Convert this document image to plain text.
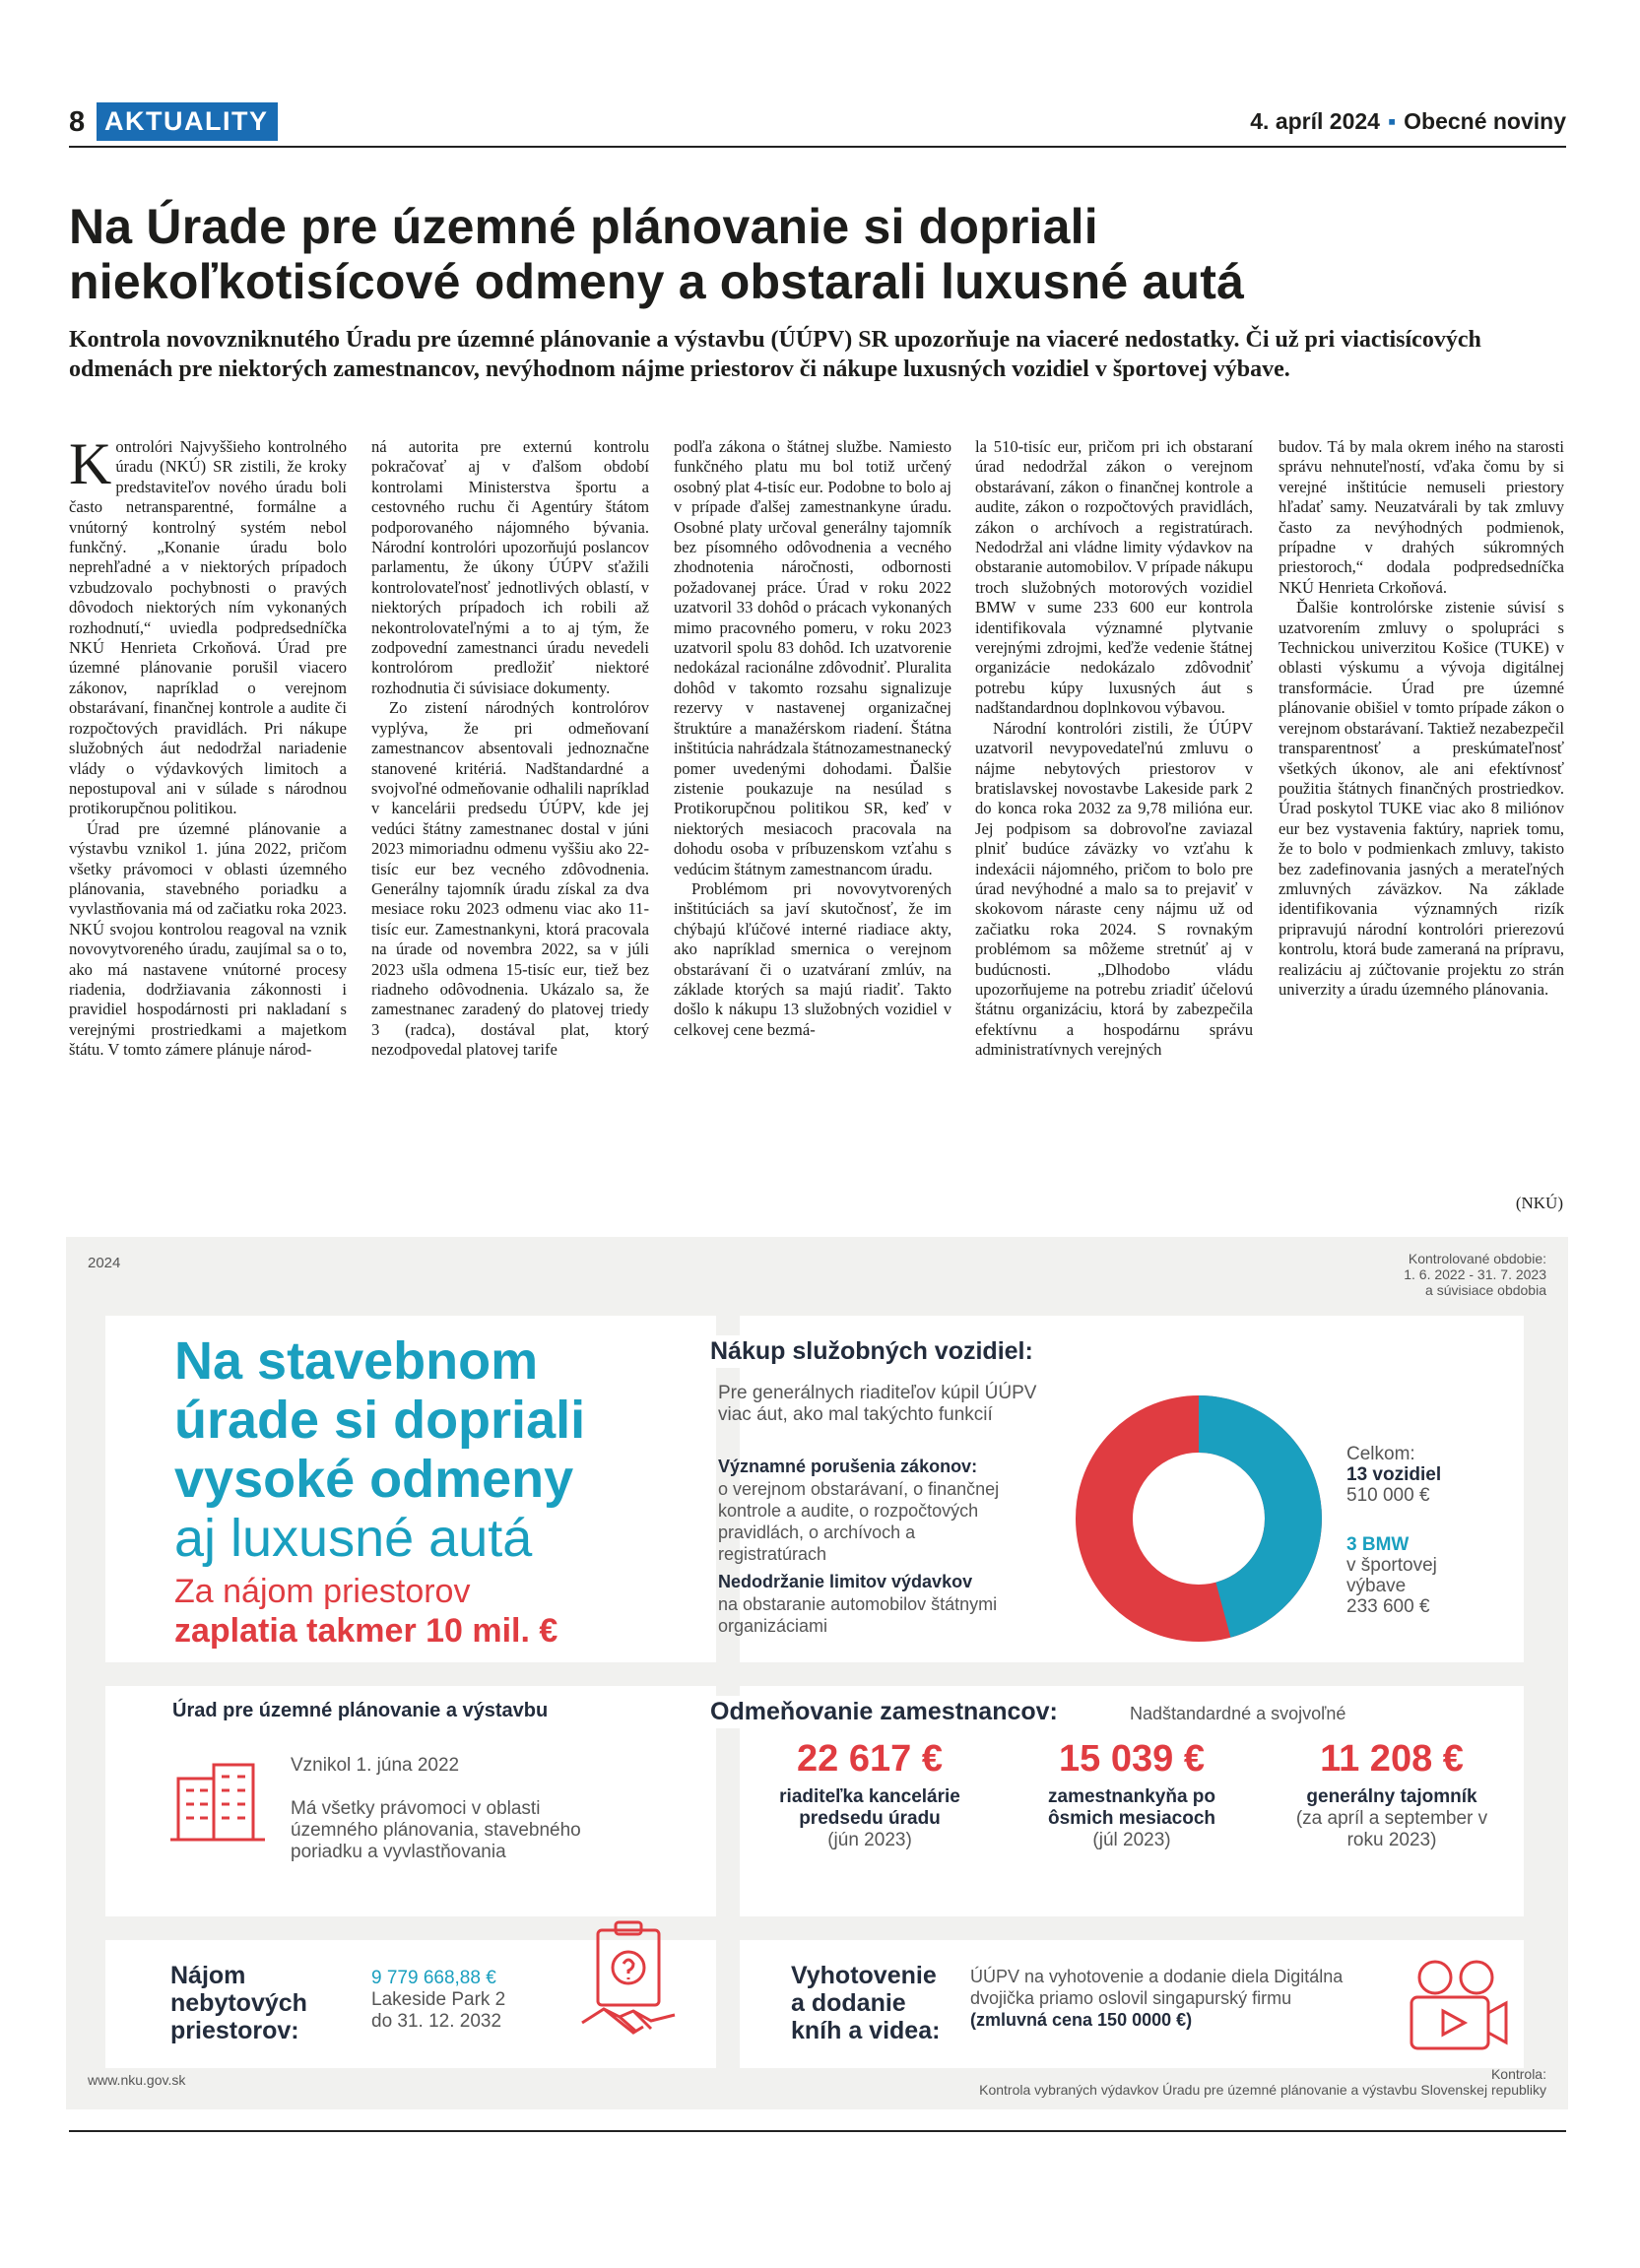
8 AKTUALITY	4. apríl 2024 ▪ Obecné noviny
Na Úrade pre územné plánovanie si dopriali
niekoľkotisícové odmeny a obstarali luxusné autá
Kontrola novovzniknutého Úradu pre územné plánovanie a výstavbu (ÚÚPV) SR upozorňuje na viaceré nedostatky. Či už pri viactisícových odmenách pre niektorých zamestnancov, nevýhodnom nájme priestorov či nákupe luxusných vozidiel v športovej výbave.

Kontrolóri Najvyššieho kontrolného úradu (NKÚ) SR zistili, že kroky predstaviteľov nového úradu boli často netransparentné, formálne a vnútorný kontrolný systém nebol funkčný. „Konanie úradu bolo neprehľadné a v niektorých prípadoch vzbudzovalo pochybnosti o pravých dôvodoch niektorých ním vykonaných rozhodnutí,“ uviedla podpredsedníčka NKÚ Henrieta Crkoňová. Úrad pre územné plánovanie porušil viacero zákonov, napríklad o verejnom obstarávaní, finančnej kontrole a audite či rozpočtových pravidlách. Pri nákupe služobných áut nedodržal nariadenie vlády o výdavkových limitoch a nepostupoval ani v súlade s národnou protikorupčnou politikou.

Úrad pre územné plánovanie a výstavbu vznikol 1. júna 2022, pričom všetky právomoci v oblasti územného plánovania, stavebného poriadku a vyvlastňovania má od začiatku roka 2023. NKÚ svojou kontrolou reagoval na vznik novovytvoreného úradu, zaujímal sa o to, ako má nastavene vnútorné procesy riadenia, dodržiavania zákonnosti i pravidiel hospodárnosti pri nakladaní s verejnými prostriedkami a majetkom štátu. V tomto zámere plánuje národ-

ná autorita pre externú kontrolu pokračovať aj v ďalšom období kontrolami Ministerstva športu a cestovného ruchu či Agentúry štátom podporovaného nájomného bývania. Národní kontrolóri upozorňujú poslancov parlamentu, že úkony ÚÚPV sťažili kontrolovateľnosť jednotlivých oblastí, v niektorých prípadoch ich robili až nekontrolovateľnými a to aj tým, že zodpovední zamestnanci úradu nevedeli kontrolórom predložiť niektoré rozhodnutia či súvisiace dokumenty.

Zo zistení národných kontrolórov vyplýva, že pri odmeňovaní zamestnancov absentovali jednoznačne stanovené kritériá. Nadštandardné a svojvoľné odmeňovanie odhalili napríklad v kancelárii predsedu ÚÚPV, kde jej vedúci štátny zamestnanec dostal v júni 2023 mimoriadnu odmenu vyššiu ako 22-tisíc eur bez vecného zdôvodnenia. Generálny tajomník úradu získal za dva mesiace roku 2023 odmenu viac ako 11-tisíc eur. Zamestnankyni, ktorá pracovala na úrade od novembra 2022, sa v júli 2023 ušla odmena 15-tisíc eur, tiež bez riadneho odôvodnenia. Ukázalo sa, že zamestnanec zaradený do platovej triedy 3 (radca), dostával plat, ktorý nezodpovedal platovej tarife

podľa zákona o štátnej službe. Namiesto funkčného platu mu bol totiž určený osobný plat 4-tisíc eur. Podobne to bolo aj v prípade ďalšej zamestnankyne úradu. Osobné platy určoval generálny tajomník bez písomného odôvodnenia a vecného zhodnotenia náročnosti, odbornosti požadovanej práce. Úrad v roku 2022 uzatvoril 33 dohôd o prácach vykonaných mimo pracovného pomeru, v roku 2023 uzatvoril spolu 83 dohôd. Ich uzatvorenie nedokázal racionálne zdôvodniť. Pluralita dohôd v takomto rozsahu signalizuje rezervy v nastavenej organizačnej štruktúre a manažérskom riadení. Štátna inštitúcia nahrádzala štátnozamestnanecký pomer uvedenými dohodami. Ďalšie zistenie poukazuje na nesúlad s Protikorupčnou politikou SR, keď v niektorých mesiacoch pracovala na dohodu osoba v príbuzenskom vzťahu s vedúcim štátnym zamestnancom úradu.

Problémom pri novovytvorených inštitúciách sa javí skutočnosť, že im chýbajú kľúčové interné riadiace akty, ako napríklad smernica o verejnom obstarávaní či o uzatváraní zmlúv, na základe ktorých sa majú riadiť. Takto došlo k nákupu 13 služobných vozidiel v celkovej cene bezmá-

la 510-tisíc eur, pričom pri ich obstaraní úrad nedodržal zákon o verejnom obstarávaní, zákon o finančnej kontrole a audite, zákon o rozpočtových pravidlách, zákon o archívoch a registratúrach. Nedodržal ani vládne limity výdavkov na obstaranie automobilov. V prípade nákupu troch služobných motorových vozidiel BMW v sume 233 600 eur kontrola identifikovala významné plytvanie verejnými zdrojmi, keďže vedenie štátnej organizácie nedokázalo zdôvodniť potrebu kúpy luxusných áut s nadštandardnou doplnkovou výbavou.

Národní kontrolóri zistili, že ÚÚPV uzatvoril nevypovedateľnú zmluvu o nájme nebytových priestorov v bratislavskej novostavbe Lakeside park 2 do konca roka 2032 za 9,78 milióna eur. Jej podpisom sa dobrovoľne zaviazal plniť budúce záväzky vo vzťahu k indexácii nájomného, pričom to bolo pre úrad nevýhodné a malo sa to prejaviť v skokovom náraste ceny nájmu už od začiatku roka 2024. S rovnakým problémom sa môžeme stretnúť aj v budúcnosti. „Dlhodobo vládu upozorňujeme na potrebu zriadiť účelovú štátnu organizáciu, ktorá by zabezpečila efektívnu a hospodárnu správu administratívnych verejných

budov. Tá by mala okrem iného na starosti správu nehnuteľností, vďaka čomu by si verejné inštitúcie nemuseli priestory hľadať samy. Neuzatvárali by tak zmluvy často za nevýhodných podmienok, prípadne v drahých súkromných priestoroch,“ dodala podpredsedníčka NKÚ Henrieta Crkoňová.

Ďalšie kontrolórske zistenie súvisí s uzatvorením zmluvy o spolupráci s Technickou univerzitou Košice (TUKE) v oblasti výskumu a vývoja digitálnej transformácie. Úrad pre územné plánovanie obišiel v tomto prípade zákon o verejnom obstarávaní. Taktiež nezabezpečil transparentnosť a preskúmateľnosť všetkých úkonov, ale ani efektívnosť použitia štátnych finančných prostriedkov. Úrad poskytol TUKE viac ako 8 miliónov eur bez vystavenia faktúry, napriek tomu, že to bolo v podmienkach zmluvy, takisto bez zadefinovania jasných a merateľných zmluvných záväzkov. Na základe identifikovania významných rizík pripravujú národní kontrolóri prierezovú kontrolu, ktorá bude zameraná na prípravu, realizáciu aj zúčtovanie projektu zo strán univerzity a úradu územného plánovania.

(NKÚ)
2024	Kontrolované obdobie:
1. 6. 2022 - 31. 7. 2023
a súvisiace obdobia
Na stavebnom
úrade si dopriali
vysoké odmeny
aj luxusné autá
Za nájom priestorov
zaplatia takmer 10 mil. €
Nákup služobných vozidiel:
Pre generálnych riaditeľov kúpil ÚÚPV viac áut, ako mal takýchto funkcií
Významné porušenia zákonov:
o verejnom obstarávaní, o finančnej kontrole a audite, o rozpočtových pravidlách, o archívoch a registratúrach
Nedodržanie limitov výdavkov
na obstaranie automobilov štátnymi organizáciami
Celkom:
13 vozidiel
510 000 €
3 BMW
v športovej
výbave
233 600 €
Úrad pre územné plánovanie a výstavbu
Vznikol 1. júna 2022
Má všetky právomoci v oblasti územného plánovania, stavebného poriadku a vyvlastňovania
Odmeňovanie zamestnancov:	Nadštandardné a svojvoľné
22 617 €
riaditeľka kancelárie predsedu úradu
(jún 2023)
15 039 €
zamestnankyňa po ôsmich mesiacoch
(júl 2023)
11 208 €
generálny tajomník
(za apríl a september v roku 2023)
Nájom
nebytových
priestorov:
9 779 668,88 €
Lakeside Park 2
do 31. 12. 2032
Vyhotovenie
a dodanie
kníh a videa:
ÚÚPV na vyhotovenie a dodanie diela Digitálna dvojička priamo oslovil singapurský firmu (zmluvná cena 150 0000 €)
www.nku.gov.sk	Kontrola:
Kontrola vybraných výdavkov Úradu pre územné plánovanie a výstavbu Slovenskej republiky
